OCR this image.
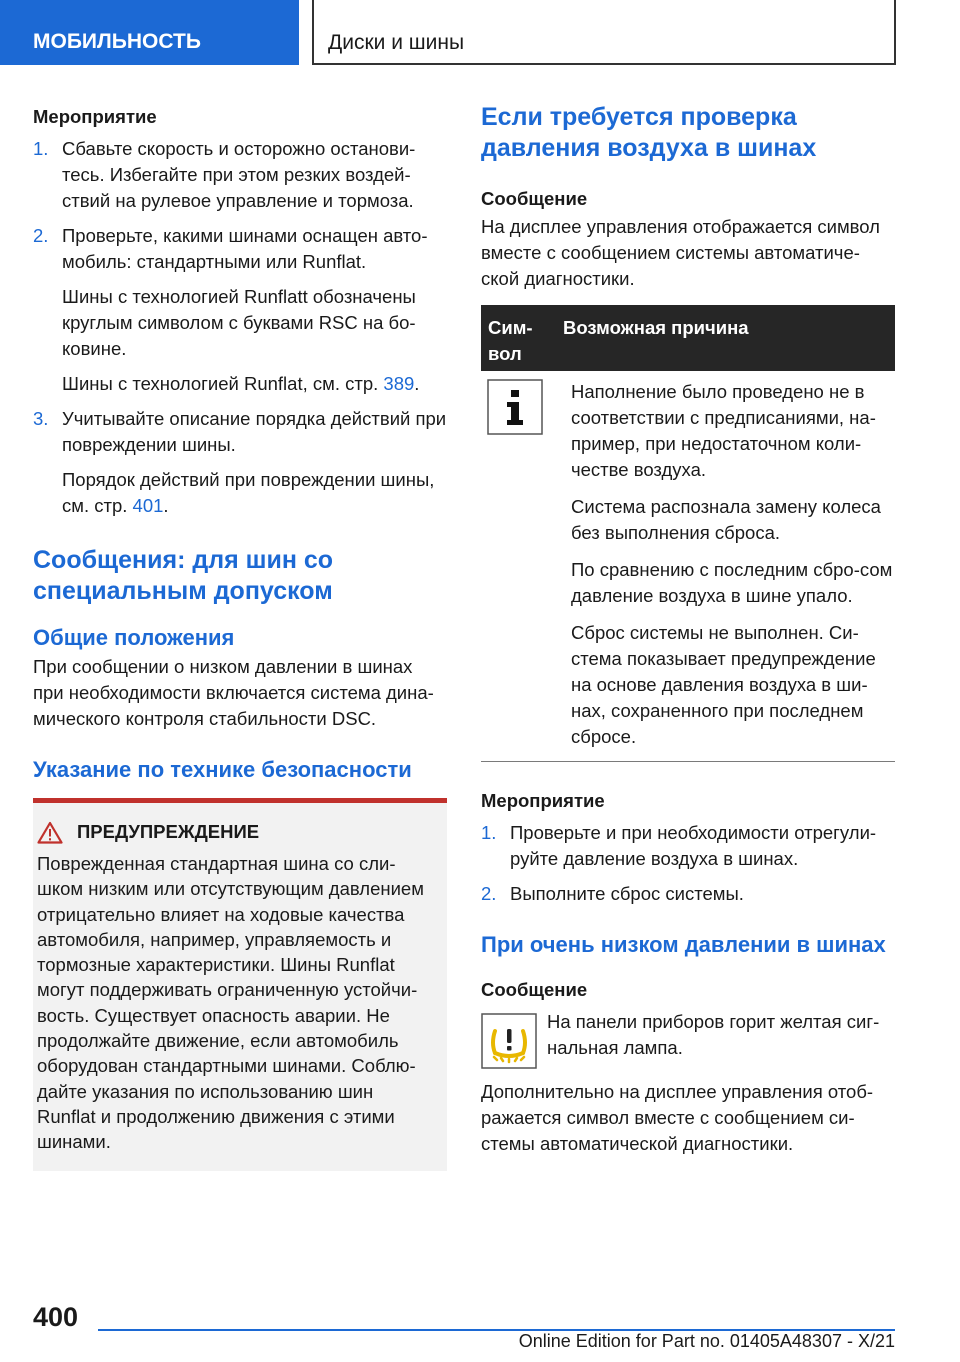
МОБИЛЬНОСТЬ	Диски и шины
Мероприятие
1. Сбавьте скорость и осторожно останови-тесь. Избегайте при этом резких воздей-ствий на рулевое управление и тормоза.
2. Проверьте, какими шинами оснащен авто-мобиль: стандартными или Runflat.
Шины с технологией Runflatt обозначены круглым символом с буквами RSC на бо-ковине.
Шины с технологией Runflat, см. стр. 389.
3. Учитывайте описание порядка действий при повреждении шины.
Порядок действий при повреждении шины, см. стр. 401.
Сообщения: для шин со специальным допуском
Общие положения

При сообщении о низком давлении в шинах при необходимости включается система дина-мического контроля стабильности DSC.

Указание по технике безопасности
ПРЕДУПРЕЖДЕНИЕ
Поврежденная стандартная шина со сли-шком низким или отсутствующим давлением отрицательно влияет на ходовые качества автомобиля, например, управляемость и тормозные характеристики. Шины Runflat могут поддерживать ограниченную устойчи-вость. Существует опасность аварии. Не продолжайте движение, если автомобиль оборудован стандартными шинами. Соблю-дайте указания по использованию шин Runflat и продолжению движения с этими шинами.
Если требуется проверка давления воздуха в шинах
Сообщение

На дисплее управления отображается символ вместе с сообщением системы автоматиче-ской диагностики.

Сим-вол
Возможная причина

Наполнение было проведено не в соответствии с предписаниями, на-пример, при недостаточном коли-честве воздуха.

Система распознала замену колеса без выполнения сброса.

По сравнению с последним сбро-сом давление воздуха в шине упало.

Сброс системы не выполнен. Си-стема показывает предупреждение на основе давления воздуха в ши-нах, сохраненного при последнем сбросе.

Мероприятие
1. Проверьте и при необходимости отрегули-руйте давление воздуха в шинах.
2. Выполните сброс системы.
При очень низком давлении в шинах
Сообщение

На панели приборов горит желтая сиг-нальная лампа.

Дополнительно на дисплее управления отоб-ражается символ вместе с сообщением си-стемы автоматической диагностики.

400
Online Edition for Part no. 01405A48307 - X/21
